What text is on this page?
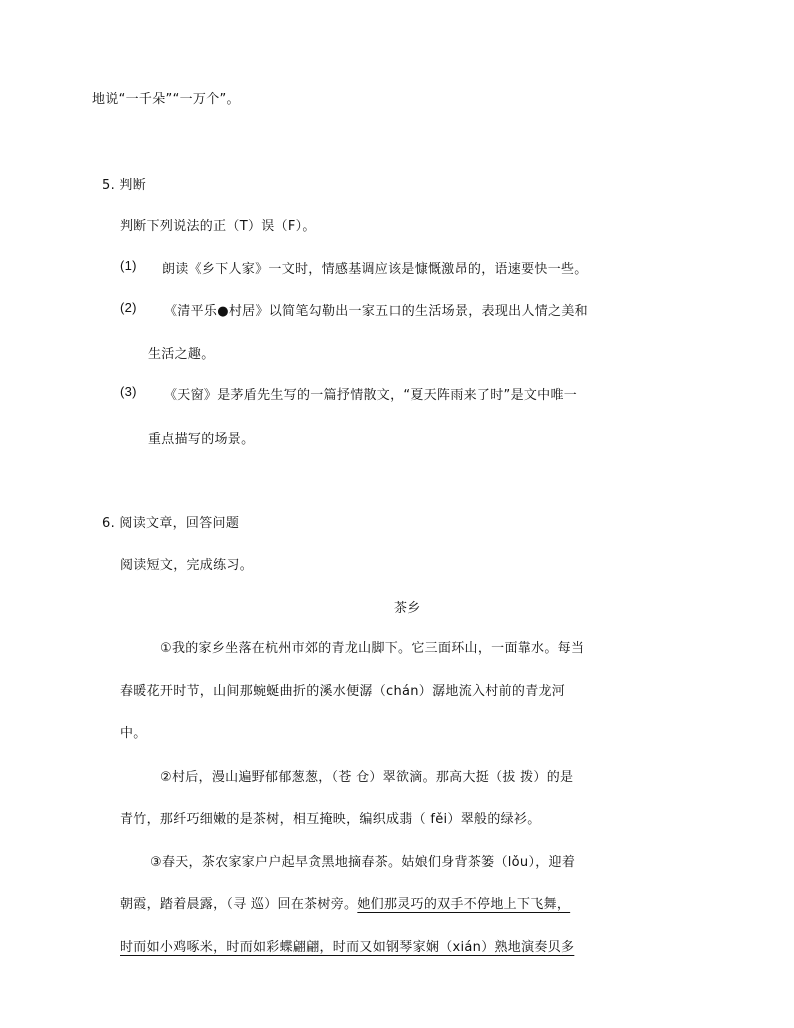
地说“一千朵”“一万个”。
5. 判断
判断下列说法的正（T）误（F）。
(1) 朗读《乡下人家》一文时，情感基调应该是慷慨激昂的，语速要快一些。
(2) 《清平乐●村居》以简笔勾勒出一家五口的生活场景，表现出人情之美和
生活之趣。
(3) 《天窗》是茅盾先生写的一篇抒情散文，“夏天阵雨来了时”是文中唯一
重点描写的场景。
6. 阅读文章，回答问题
阅读短文，完成练习。
茶乡
①我的家乡坐落在杭州市郊的青龙山脚下。它三面环山，一面靠水。每当
春暖花开时节，山间那蜿蜒曲折的溪水便潺（chán）潺地流入村前的青龙河
中。
②村后，漫山遍野郁郁葱葱，（苍 仓）翠欲滴。那高大挺（拔 拨）的是
青竹，那纤巧细嫩的是茶树，相互掩映，编织成翡（ fěi）翠般的绿衫。
③春天，茶农家家户户起早贪黑地摘春茶。姑娘们身背茶篓（lǒu），迎着
朝霞，踏着晨露，（寻 巡）回在茶树旁。她们那灵巧的双手不停地上下飞舞，
时而如小鸡啄米，时而如彩蝶翩翩，时而又如钢琴家娴（xián）熟地演奏贝多
